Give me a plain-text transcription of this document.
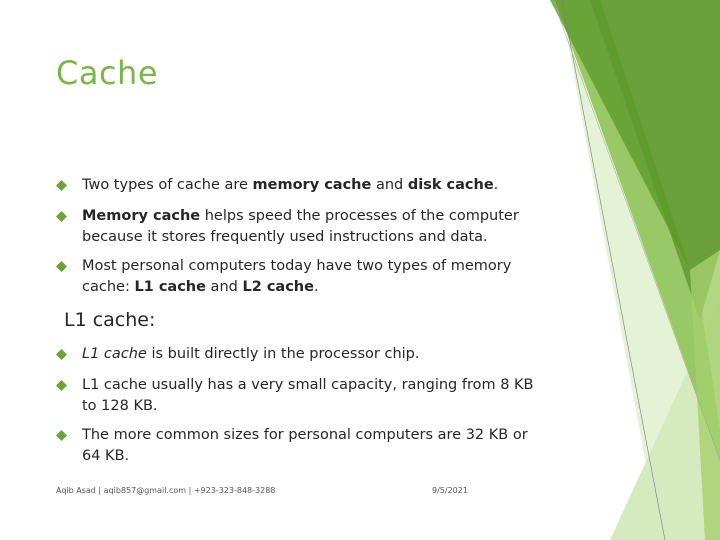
Cache
Two types of cache are memory cache and disk cache.
Memory cache helps speed the processes of the computer because it stores frequently used instructions and data.
Most personal computers today have two types of memory cache: L1 cache and L2 cache.
L1 cache:
L1 cache is built directly in the processor chip.
L1 cache usually has a very small capacity, ranging from 8 KB to 128 KB.
The more common sizes for personal computers are 32 KB or 64 KB.
Aqib Asad | aqib857@gmail.com | +923-323-848-3288	9/5/2021
